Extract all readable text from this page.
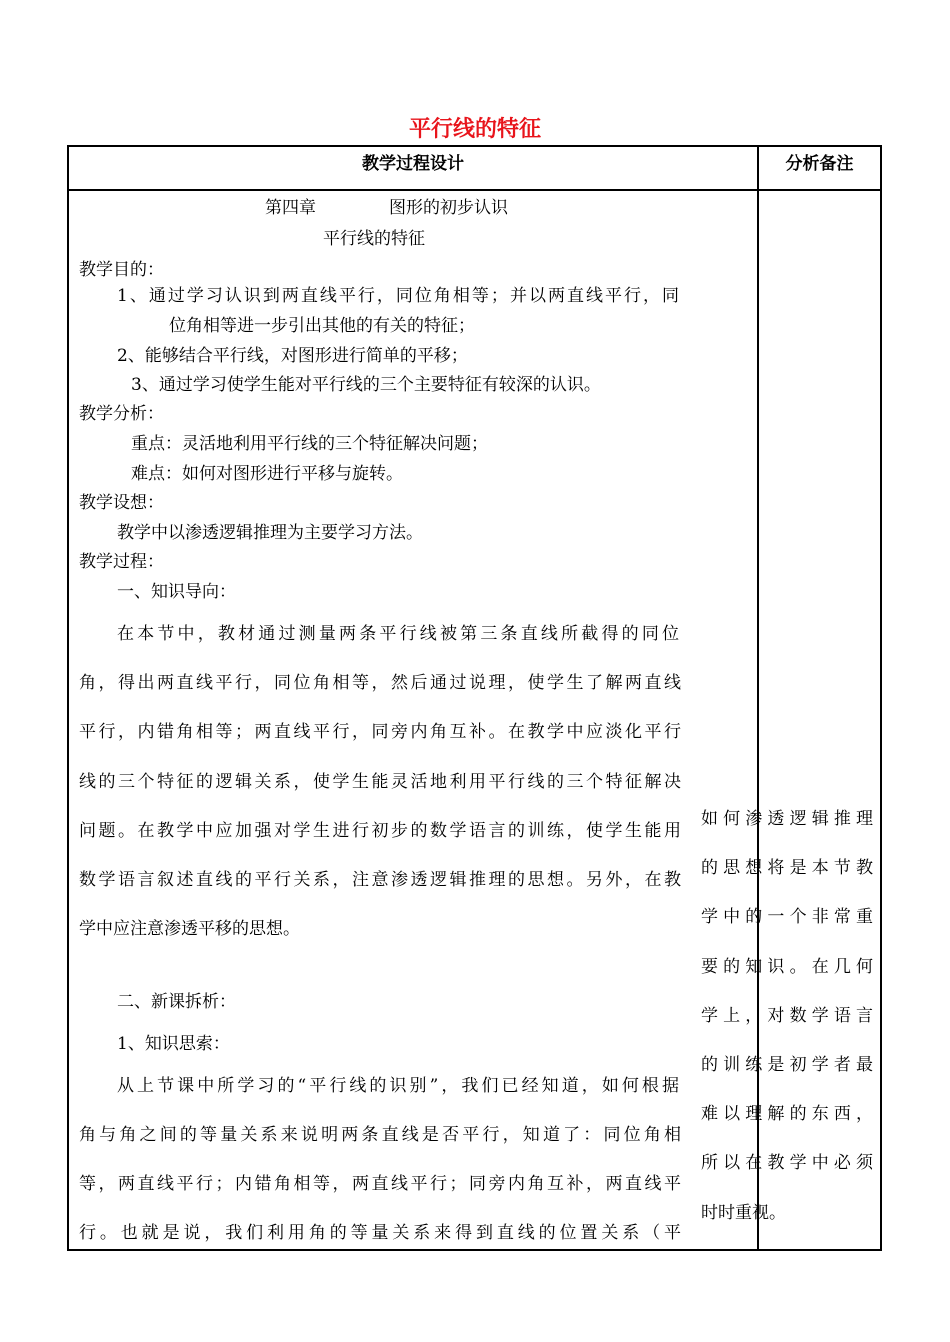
平行线的特征
教学过程设计	分析备注
第四章	图形的初步认识
平行线的特征
教学目的：
1、通过学习认识到两直线平行，同位角相等；并以两直线平行，同
位角相等进一步引出其他的有关的特征；
2、能够结合平行线，对图形进行简单的平移；
3、通过学习使学生能对平行线的三个主要特征有较深的认识。
教学分析：
重点：灵活地利用平行线的三个特征解决问题；
难点：如何对图形进行平移与旋转。
教学设想：
教学中以渗透逻辑推理为主要学习方法。
教学过程：
一、知识导向：
在本节中，教材通过测量两条平行线被第三条直线所截得的同位
角，得出两直线平行，同位角相等，然后通过说理，使学生了解两直线
平行，内错角相等；两直线平行，同旁内角互补。在教学中应淡化平行
线的三个特征的逻辑关系，使学生能灵活地利用平行线的三个特征解决
问题。在教学中应加强对学生进行初步的数学语言的训练，使学生能用
数学语言叙述直线的平行关系，注意渗透逻辑推理的思想。另外，在教
学中应注意渗透平移的思想。
二、新课拆析：
1、知识思索：
从上节课中所学习的“平行线的识别”，我们已经知道，如何根据
角与角之间的等量关系来说明两条直线是否平行，知道了：同位角相
等，两直线平行；内错角相等，两直线平行；同旁内角互补，两直线平
行。也就是说，我们利用角的等量关系来得到直线的位置关系（平
如何渗透逻辑推理
的思想将是本节教
学中的一个非常重
要的知识。在几何
学上，对数学语言
的训练是初学者最
难以理解的东西，
所以在教学中必须
时时重视。
